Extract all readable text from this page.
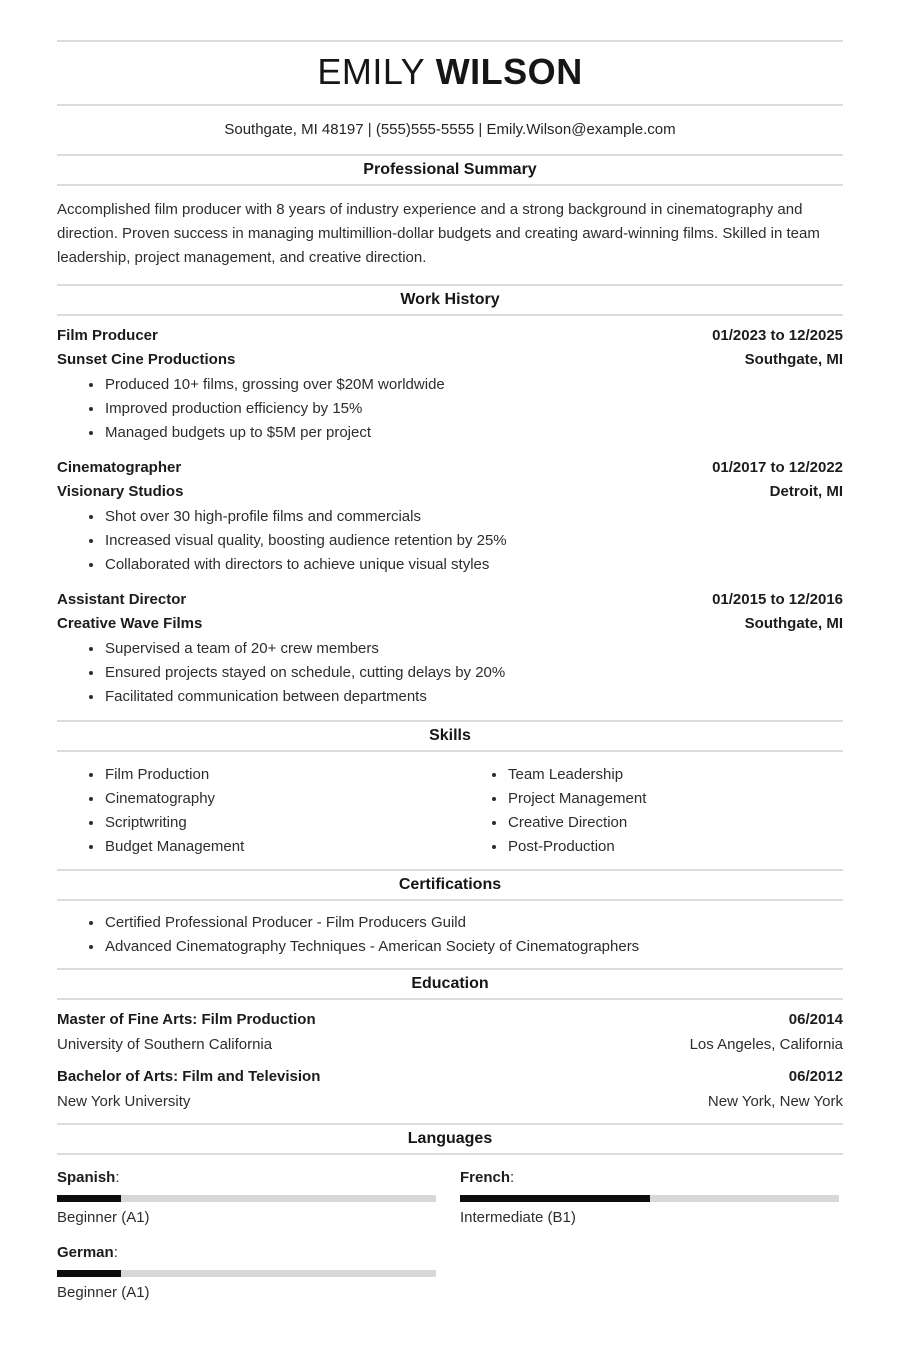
EMILY WILSON
Southgate, MI 48197 | (555)555-5555 | Emily.Wilson@example.com
Professional Summary

Accomplished film producer with 8 years of industry experience and a strong background in cinematography and direction. Proven success in managing multimillion-dollar budgets and creating award-winning films. Skilled in team leadership, project management, and creative direction.

Work History
Film Producer	01/2023 to 12/2025
Sunset Cine Productions	Southgate, MI
• Produced 10+ films, grossing over $20M worldwide
• Improved production efficiency by 15%
• Managed budgets up to $5M per project
Cinematographer	01/2017 to 12/2022
Visionary Studios	Detroit, MI
• Shot over 30 high-profile films and commercials
• Increased visual quality, boosting audience retention by 25%
• Collaborated with directors to achieve unique visual styles
Assistant Director	01/2015 to 12/2016
Creative Wave Films	Southgate, MI
• Supervised a team of 20+ crew members
• Ensured projects stayed on schedule, cutting delays by 20%
• Facilitated communication between departments
Skills
• Film Production
• Cinematography
• Scriptwriting
• Budget Management
• Team Leadership
• Project Management
• Creative Direction
• Post-Production
Certifications
• Certified Professional Producer - Film Producers Guild
• Advanced Cinematography Techniques - American Society of Cinematographers
Education
Master of Fine Arts: Film Production	06/2014
University of Southern California	Los Angeles, California
Bachelor of Arts: Film and Television	06/2012
New York University	New York, New York
Languages
Spanish:
Beginner (A1)
French:
Intermediate (B1)
German:
Beginner (A1)
